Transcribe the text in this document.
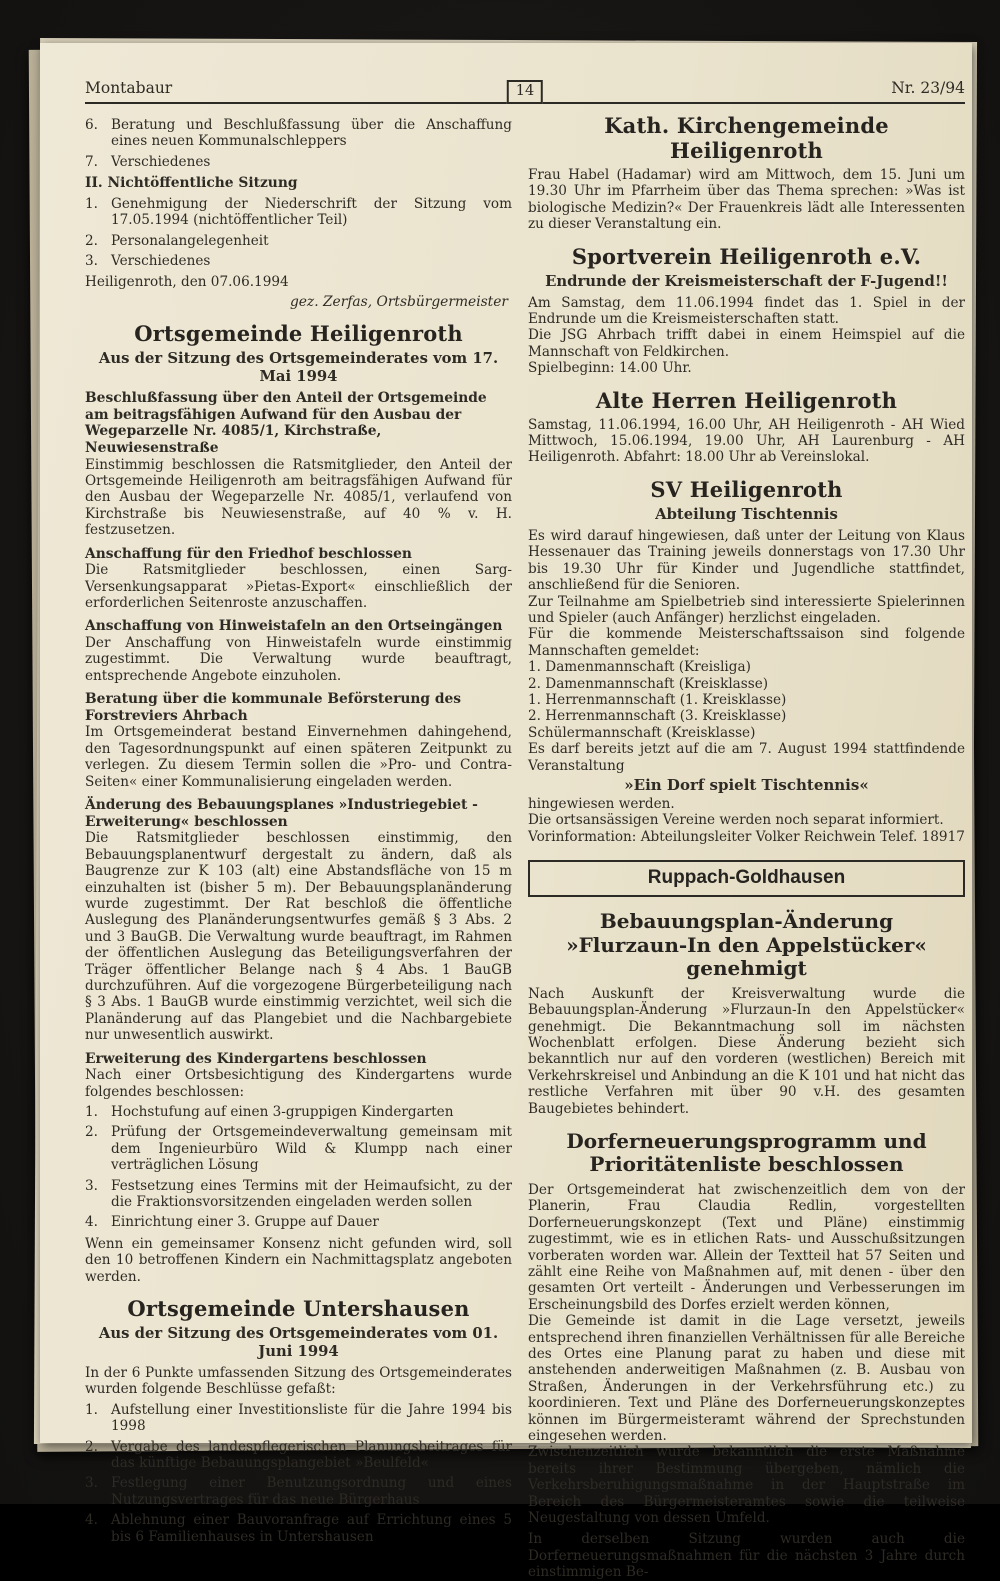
Montabaur	14	Nr. 23/94
6. Beratung und Beschlußfassung über die Anschaffung eines neuen Kommunalschleppers
7. Verschiedenes

II. Nichtöffentliche Sitzung

1. Genehmigung der Niederschrift der Sitzung vom 17.05.1994 (nichtöffentlicher Teil)
2. Personalangelegenheit
3. Verschiedenes

Heiligenroth, den 07.06.1994

gez. Zerfas, Ortsbürgermeister

Ortsgemeinde Heiligenroth
Aus der Sitzung des Ortsgemeinderates vom 17. Mai 1994
Beschlußfassung über den Anteil der Ortsgemeinde am beitragsfähigen Aufwand für den Ausbau der Wegeparzelle Nr. 4085/1, Kirchstraße, Neuwiesenstraße

Einstimmig beschlossen die Ratsmitglieder, den Anteil der Ortsgemeinde Heiligenroth am beitragsfähigen Aufwand für den Ausbau der Wegeparzelle Nr. 4085/1, verlaufend von Kirchstraße bis Neuwiesenstraße, auf 40 % v. H. festzusetzen.

Anschaffung für den Friedhof beschlossen

Die Ratsmitglieder beschlossen, einen Sarg-Versenkungsapparat »Pietas-Export« einschließlich der erforderlichen Seitenroste anzuschaffen.

Anschaffung von Hinweistafeln an den Ortseingängen

Der Anschaffung von Hinweistafeln wurde einstimmig zugestimmt. Die Verwaltung wurde beauftragt, entsprechende Angebote einzuholen.

Beratung über die kommunale Beförsterung des Forstreviers Ahrbach

Im Ortsgemeinderat bestand Einvernehmen dahingehend, den Tagesordnungspunkt auf einen späteren Zeitpunkt zu verlegen. Zu diesem Termin sollen die »Pro- und Contra-Seiten« einer Kommunalisierung eingeladen werden.

Änderung des Bebauungsplanes »Industriegebiet - Erweiterung« beschlossen

Die Ratsmitglieder beschlossen einstimmig, den Bebauungsplanentwurf dergestalt zu ändern, daß als Baugrenze zur K 103 (alt) eine Abstandsfläche von 15 m einzuhalten ist (bisher 5 m). Der Bebauungsplanänderung wurde zugestimmt. Der Rat beschloß die öffentliche Auslegung des Planänderungsentwurfes gemäß § 3 Abs. 2 und 3 BauGB. Die Verwaltung wurde beauftragt, im Rahmen der öffentlichen Auslegung das Beteiligungsverfahren der Träger öffentlicher Belange nach § 4 Abs. 1 BauGB durchzuführen. Auf die vorgezogene Bürgerbeteiligung nach § 3 Abs. 1 BauGB wurde einstimmig verzichtet, weil sich die Planänderung auf das Plangebiet und die Nachbargebiete nur unwesentlich auswirkt.

Erweiterung des Kindergartens beschlossen

Nach einer Ortsbesichtigung des Kindergartens wurde folgendes beschlossen:

1. Hochstufung auf einen 3-gruppigen Kindergarten
2. Prüfung der Ortsgemeindeverwaltung gemeinsam mit dem Ingenieurbüro Wild & Klumpp nach einer verträglichen Lösung
3. Festsetzung eines Termins mit der Heimaufsicht, zu der die Fraktionsvorsitzenden eingeladen werden sollen
4. Einrichtung einer 3. Gruppe auf Dauer

Wenn ein gemeinsamer Konsenz nicht gefunden wird, soll den 10 betroffenen Kindern ein Nachmittagsplatz angeboten werden.

Ortsgemeinde Untershausen
Aus der Sitzung des Ortsgemeinderates vom 01. Juni 1994

In der 6 Punkte umfassenden Sitzung des Ortsgemeinderates wurden folgende Beschlüsse gefaßt:

1. Aufstellung einer Investitionsliste für die Jahre 1994 bis 1998
2. Vergabe des landespflegerischen Planungsbeitrages für das künftige Bebauungsplangebiet »Beulfeld«
3. Festlegung einer Benutzungsordnung und eines Nutzungsvertrages für das neue Bürgerhaus
4. Ablehnung einer Bauvoranfrage auf Errichtung eines 5 bis 6 Familienhauses in Untershausen
Kath. Kirchengemeinde Heiligenroth

Frau Habel (Hadamar) wird am Mittwoch, dem 15. Juni um 19.30 Uhr im Pfarrheim über das Thema sprechen: »Was ist biologische Medizin?« Der Frauenkreis lädt alle Interessenten zu dieser Veranstaltung ein.

Sportverein Heiligenroth e.V.
Endrunde der Kreismeisterschaft der F-Jugend!!

Am Samstag, dem 11.06.1994 findet das 1. Spiel in der Endrunde um die Kreismeisterschaften statt.

Die JSG Ahrbach trifft dabei in einem Heimspiel auf die Mannschaft von Feldkirchen.

Spielbeginn: 14.00 Uhr.

Alte Herren Heiligenroth

Samstag, 11.06.1994, 16.00 Uhr, AH Heiligenroth - AH Wied Mittwoch, 15.06.1994, 19.00 Uhr, AH Laurenburg - AH Heiligenroth. Abfahrt: 18.00 Uhr ab Vereinslokal.

SV Heiligenroth
Abteilung Tischtennis

Es wird darauf hingewiesen, daß unter der Leitung von Klaus Hessenauer das Training jeweils donnerstags von 17.30 Uhr bis 19.30 Uhr für Kinder und Jugendliche stattfindet, anschließend für die Senioren.

Zur Teilnahme am Spielbetrieb sind interessierte Spielerinnen und Spieler (auch Anfänger) herzlichst eingeladen.

Für die kommende Meisterschaftssaison sind folgende Mannschaften gemeldet:

1. Damenmannschaft (Kreisliga)

2. Damenmannschaft (Kreisklasse)

1. Herrenmannschaft (1. Kreisklasse)

2. Herrenmannschaft (3. Kreisklasse)

Schülermannschaft (Kreisklasse)

Es darf bereits jetzt auf die am 7. August 1994 stattfindende Veranstaltung

»Ein Dorf spielt Tischtennis«

hingewiesen werden.

Die ortsansässigen Vereine werden noch separat informiert.

Vorinformation: Abteilungsleiter Volker Reichwein Telef. 18917

Ruppach-Goldhausen
Bebauungsplan-Änderung
»Flurzaun-In den Appelstücker« genehmigt

Nach Auskunft der Kreisverwaltung wurde die Bebauungsplan-Änderung »Flurzaun-In den Appelstücker« genehmigt. Die Bekanntmachung soll im nächsten Wochenblatt erfolgen. Diese Änderung bezieht sich bekanntlich nur auf den vorderen (westlichen) Bereich mit Verkehrskreisel und Anbindung an die K 101 und hat nicht das restliche Verfahren mit über 90 v.H. des gesamten Baugebietes behindert.

Dorferneuerungsprogramm und
Prioritätenliste beschlossen

Der Ortsgemeinderat hat zwischenzeitlich dem von der Planerin, Frau Claudia Redlin, vorgestellten Dorferneuerungskonzept (Text und Pläne) einstimmig zugestimmt, wie es in etlichen Rats- und Ausschußsitzungen vorberaten worden war. Allein der Textteil hat 57 Seiten und zählt eine Reihe von Maßnahmen auf, mit denen - über den gesamten Ort verteilt - Änderungen und Verbesserungen im Erscheinungsbild des Dorfes erzielt werden können,

Die Gemeinde ist damit in die Lage versetzt, jeweils entsprechend ihren finanziellen Verhältnissen für alle Bereiche des Ortes eine Planung parat zu haben und diese mit anstehenden anderweitigen Maßnahmen (z. B. Ausbau von Straßen, Änderungen in der Verkehrsführung etc.) zu koordinieren. Text und Pläne des Dorferneuerungskonzeptes können im Bürgermeisteramt während der Sprechstunden eingesehen werden.

Zwischenzeitlich wurde bekanntlich die erste Maßnahme bereits ihrer Bestimmung übergeben, nämlich die Verkehrsberuhigungsmaßnahme in der Hauptstraße im Bereich des Bürgermeisteramtes sowie die teilweise Neugestaltung von dessen Umfeld.

In derselben Sitzung wurden auch die Dorferneuerungsmaßnahmen für die nächsten 3 Jahre durch einstimmigen Be-
